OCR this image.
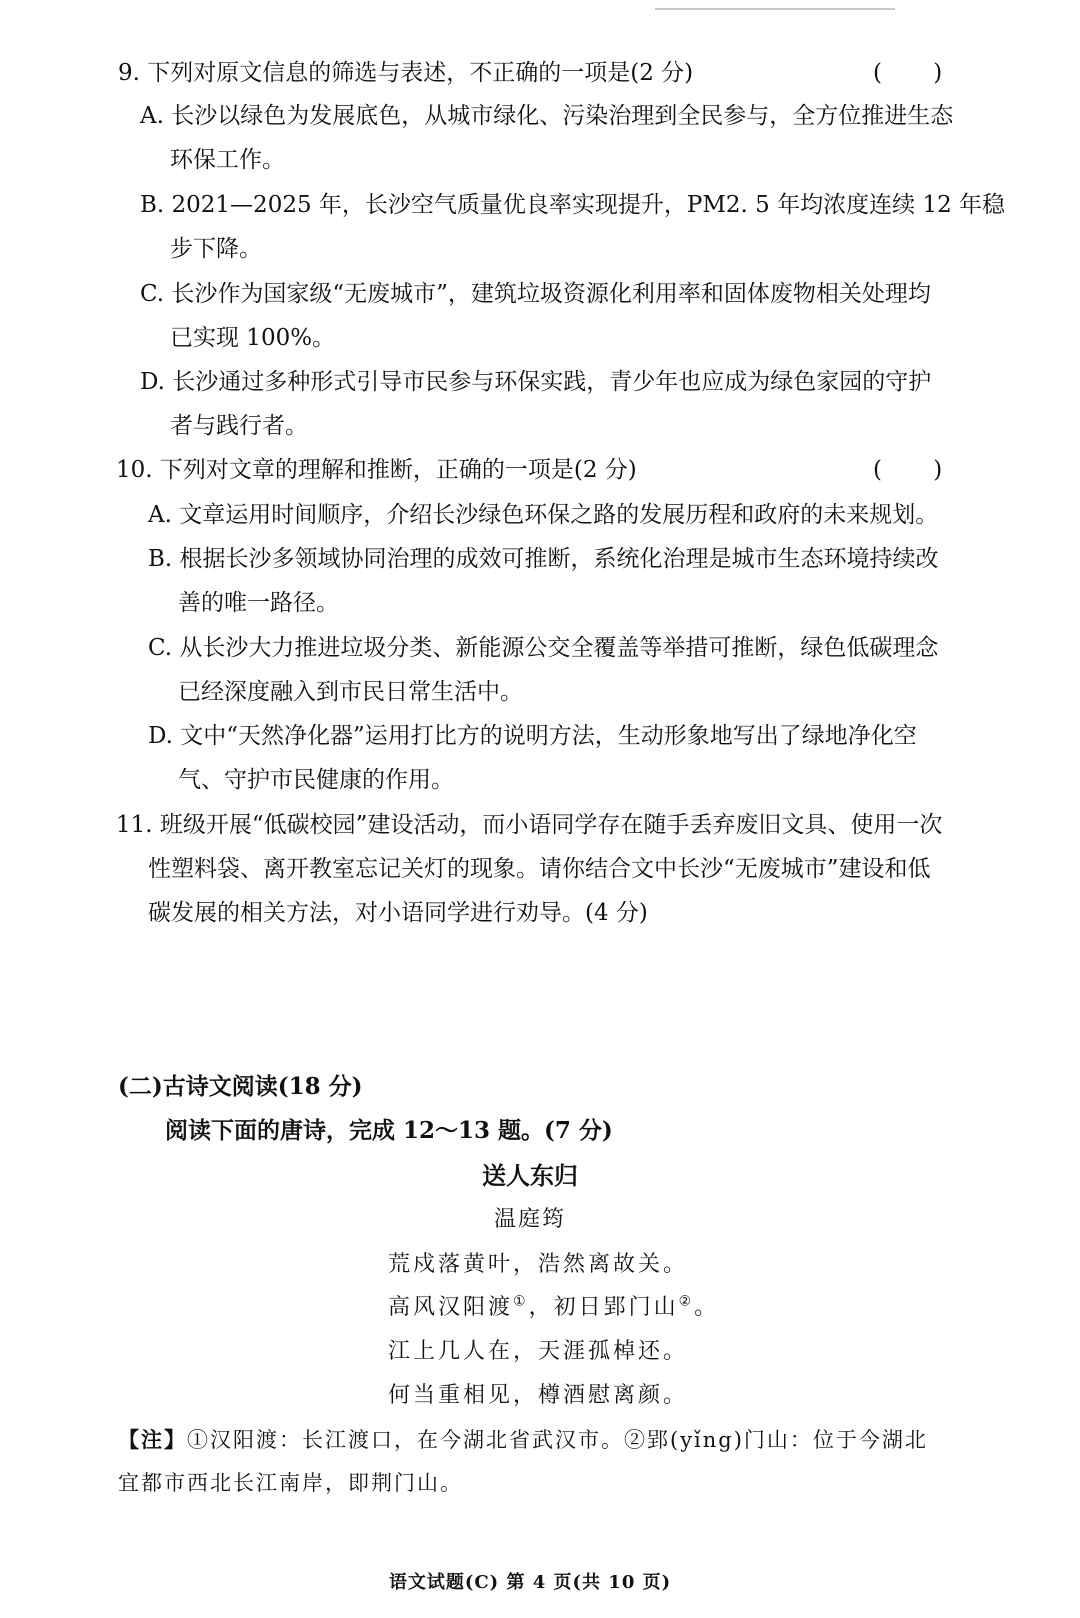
9. 下列对原文信息的筛选与表述，不正确的一项是(2 分)	( )
A. 长沙以绿色为发展底色，从城市绿化、污染治理到全民参与，全方位推进生态
环保工作。
B. 2021—2025 年，长沙空气质量优良率实现提升，PM2. 5 年均浓度连续 12 年稳
步下降。
C. 长沙作为国家级“无废城市”，建筑垃圾资源化利用率和固体废物相关处理均
已实现 100%。
D. 长沙通过多种形式引导市民参与环保实践，青少年也应成为绿色家园的守护
者与践行者。
10. 下列对文章的理解和推断，正确的一项是(2 分)	( )
A. 文章运用时间顺序，介绍长沙绿色环保之路的发展历程和政府的未来规划。
B. 根据长沙多领域协同治理的成效可推断，系统化治理是城市生态环境持续改
善的唯一路径。
C. 从长沙大力推进垃圾分类、新能源公交全覆盖等举措可推断，绿色低碳理念
已经深度融入到市民日常生活中。
D. 文中“天然净化器”运用打比方的说明方法，生动形象地写出了绿地净化空
气、守护市民健康的作用。
11. 班级开展“低碳校园”建设活动，而小语同学存在随手丢弃废旧文具、使用一次
性塑料袋、离开教室忘记关灯的现象。请你结合文中长沙“无废城市”建设和低
碳发展的相关方法，对小语同学进行劝导。(4 分)
(二)古诗文阅读(18 分)
阅读下面的唐诗，完成 12～13 题。(7 分)
送人东归
温庭筠
荒戍落黄叶，浩然离故关。
高风汉阳渡①，初日郢门山②。
江上几人在，天涯孤棹还。
何当重相见，樽酒慰离颜。
【注】①汉阳渡：长江渡口，在今湖北省武汉市。②郢(yǐng)门山：位于今湖北
宜都市西北长江南岸，即荆门山。
语文试题(C) 第 4 页(共 10 页)
